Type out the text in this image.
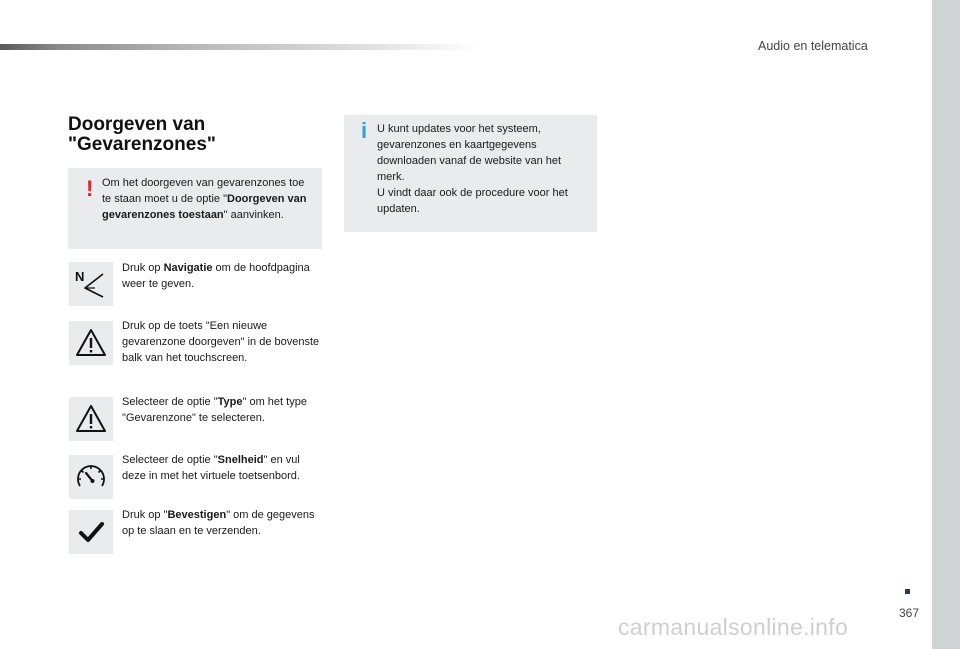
Audio en telematica
Doorgeven van
"Gevarenzones"
! Om het doorgeven van gevarenzones toe te staan moet u de optie "Doorgeven van gevarenzones toestaan" aanvinken.
i U kunt updates voor het systeem, gevarenzones en kaartgegevens downloaden vanaf de website van het merk.
U vindt daar ook de procedure voor het updaten.
N
Druk op Navigatie om de hoofdpagina weer te geven.
Druk op de toets "Een nieuwe gevarenzone doorgeven" in de bovenste balk van het touchscreen.
Selecteer de optie "Type" om het type "Gevarenzone" te selecteren.
Selecteer de optie "Snelheid" en vul deze in met het virtuele toetsenbord.
Druk op "Bevestigen" om de gegevens op te slaan en te verzenden.
367
carmanualsonline.info
